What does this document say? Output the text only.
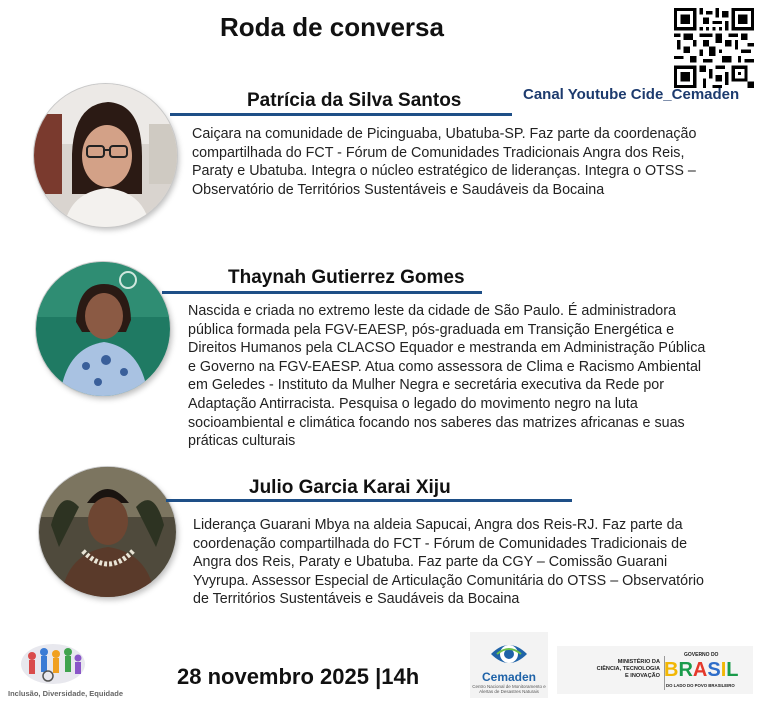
Roda de conversa
Canal Youtube Cide_Cemaden
Patrícia da Silva Santos
Caiçara na comunidade de Picinguaba, Ubatuba-SP. Faz parte da coordenação
compartilhada do FCT - Fórum de Comunidades Tradicionais Angra dos Reis,
Paraty e Ubatuba. Integra o núcleo estratégico de lideranças. Integra o OTSS –
Observatório de Territórios Sustentáveis e Saudáveis da Bocaina
Thaynah Gutierrez Gomes
Nascida e criada no extremo leste da cidade de São Paulo. É administradora
pública formada pela FGV-EAESP, pós-graduada em Transição Energética e
Direitos Humanos pela CLACSO Equador e mestranda em Administração Pública
e Governo na FGV-EAESP. Atua como assessora de Clima e Racismo Ambiental
em Geledes - Instituto da Mulher Negra e secretária executiva da Rede por
Adaptação Antirracista. Pesquisa o legado do movimento negro na luta
socioambiental e climática focando nos saberes das matrizes africanas e suas
práticas culturais
Julio Garcia Karai Xiju
Liderança Guarani Mbya na aldeia Sapucai, Angra dos Reis-RJ. Faz parte da
coordenação compartilhada do FCT - Fórum de Comunidades Tradicionais de
Angra dos Reis, Paraty e Ubatuba. Faz parte da CGY – Comissão Guarani
Yvyrupa. Assessor Especial de Articulação Comunitária do OTSS – Observatório
de Territórios Sustentáveis e Saudáveis da Bocaina
Inclusão, Diversidade, Equidade
28 novembro 2025 |14h	Cemaden
Centro Nacional de Monitoramento e Alertas de Desastres Naturais
MINISTÉRIO DA
CIÊNCIA, TECNOLOGIA
E INOVAÇÃO
GOVERNO DO
BRASIL
DO LADO DO POVO BRASILEIRO
